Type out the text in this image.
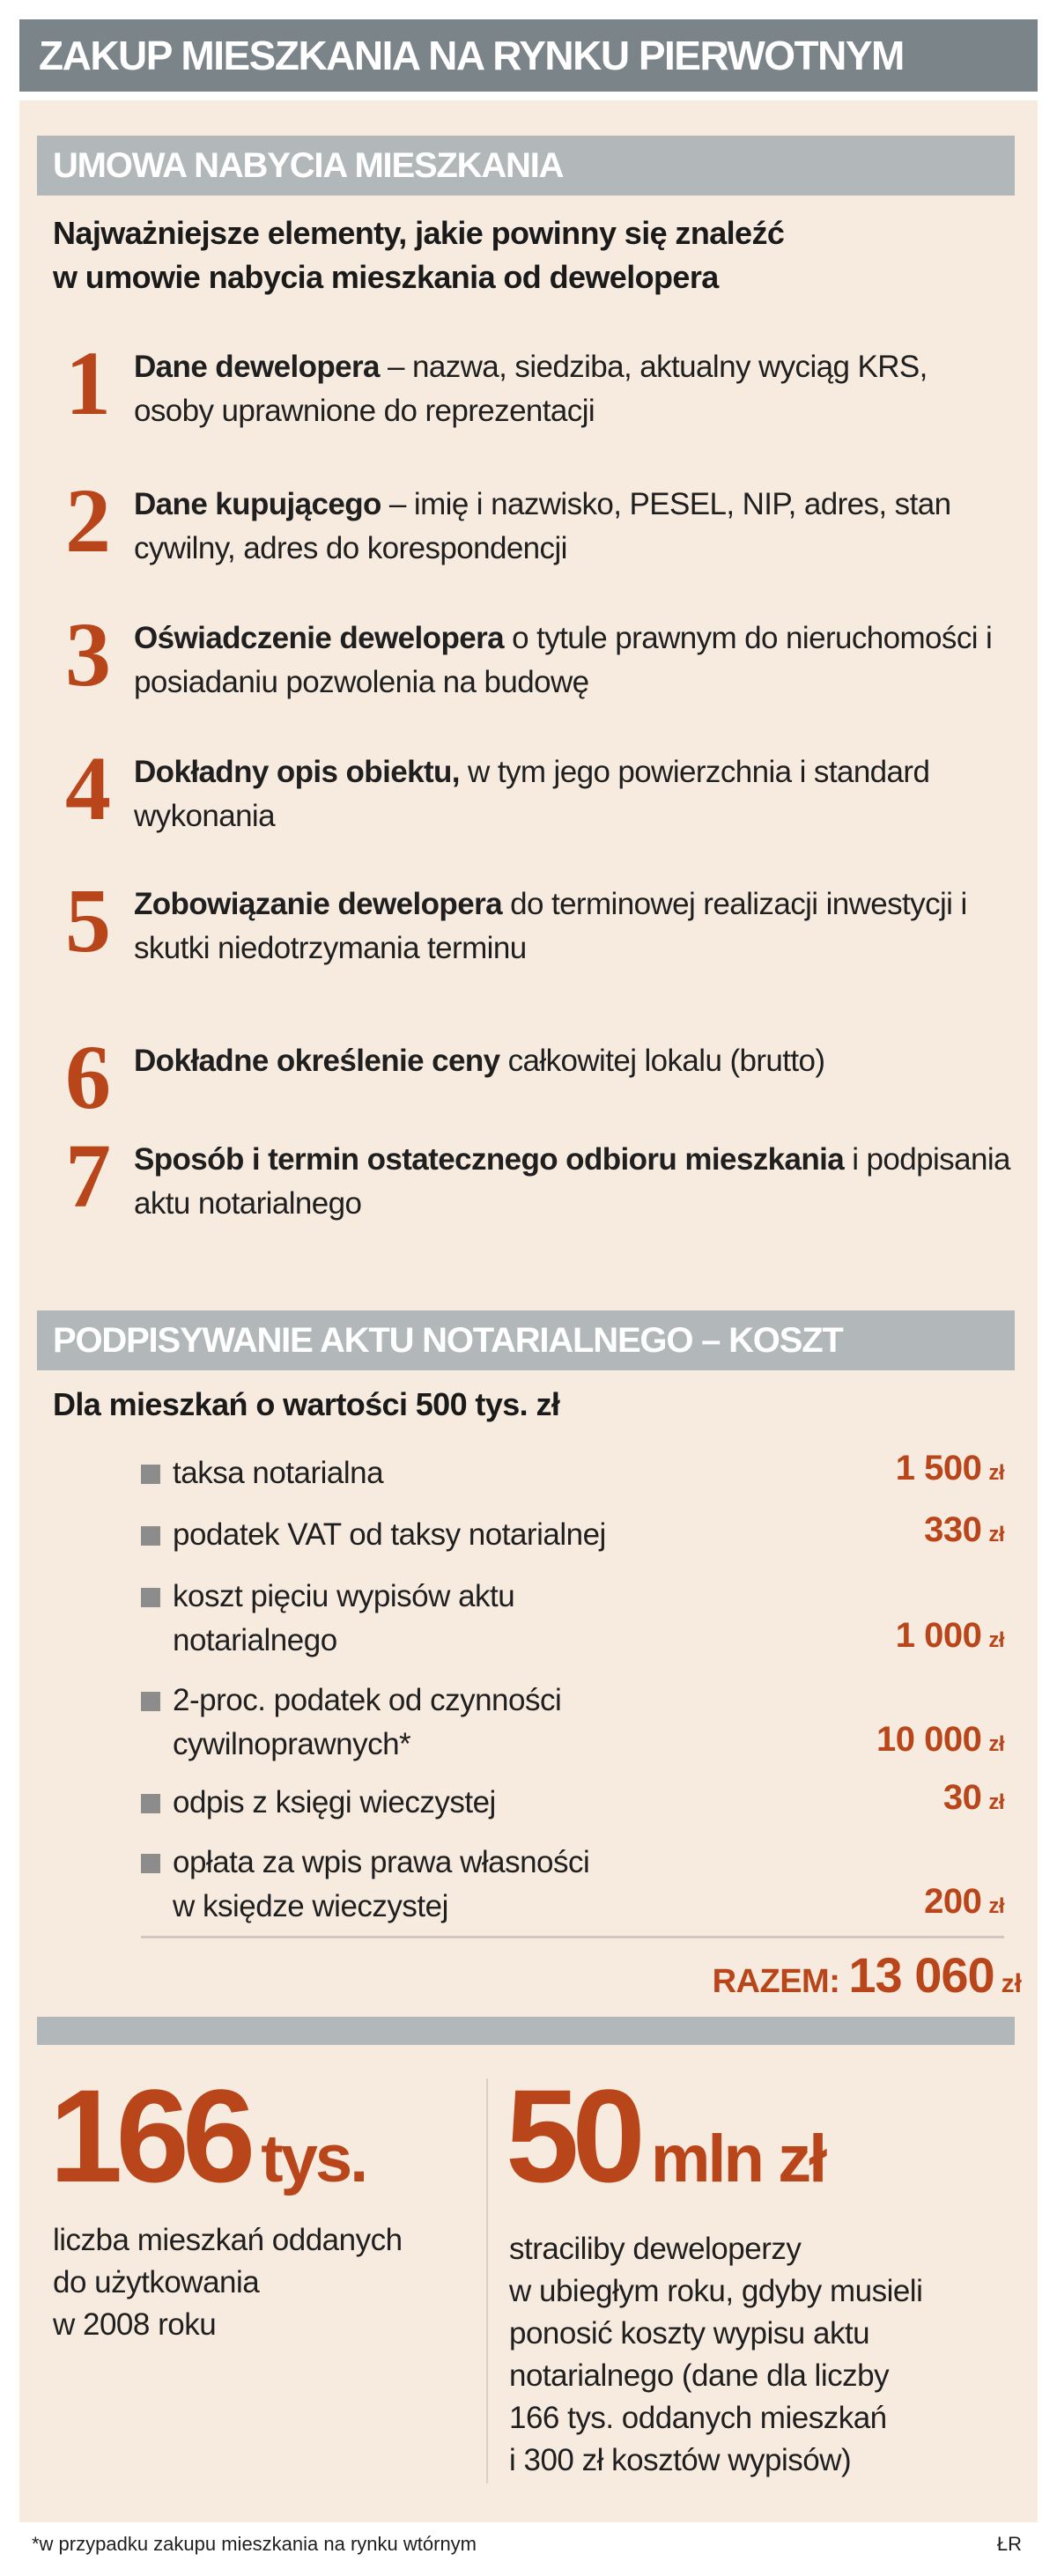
ZAKUP MIESZKANIA NA RYNKU PIERWOTNYM
UMOWA NABYCIA MIESZKANIA
Najważniejsze elementy, jakie powinny się znaleźć
w umowie nabycia mieszkania od dewelopera
1 Dane dewelopera – nazwa, siedziba, aktualny wyciąg KRS, osoby uprawnione do reprezentacji
2 Dane kupującego – imię i nazwisko, PESEL, NIP, adres, stan cywilny, adres do korespondencji
3 Oświadczenie dewelopera o tytule prawnym do nieruchomości i posiadaniu pozwolenia na budowę
4 Dokładny opis obiektu, w tym jego powierzchnia i standard wykonania
5 Zobowiązanie dewelopera do terminowej realizacji inwestycji i skutki niedotrzymania terminu
6 Dokładne określenie ceny całkowitej lokalu (brutto)
7 Sposób i termin ostatecznego odbioru mieszkania i podpisania aktu notarialnego
PODPISYWANIE AKTU NOTARIALNEGO – KOSZT
Dla mieszkań o wartości 500 tys. zł
taksa notarialna	1 500 zł
podatek VAT od taksy notarialnej	330 zł
koszt pięciu wypisów aktu
notarialnego	1 000 zł
2-proc. podatek od czynności
cywilnoprawnych*	10 000 zł
odpis z księgi wieczystej	30 zł
opłata za wpis prawa własności
w księdze wieczystej	200 zł
RAZEM: 13 060 zł
166 tys.
liczba mieszkań oddanych
do użytkowania
w 2008 roku
50 mln zł
straciliby deweloperzy
w ubiegłym roku, gdyby musieli
ponosić koszty wypisu aktu
notarialnego (dane dla liczby
166 tys. oddanych mieszkań
i 300 zł kosztów wypisów)
*w przypadku zakupu mieszkania na rynku wtórnym	ŁR
